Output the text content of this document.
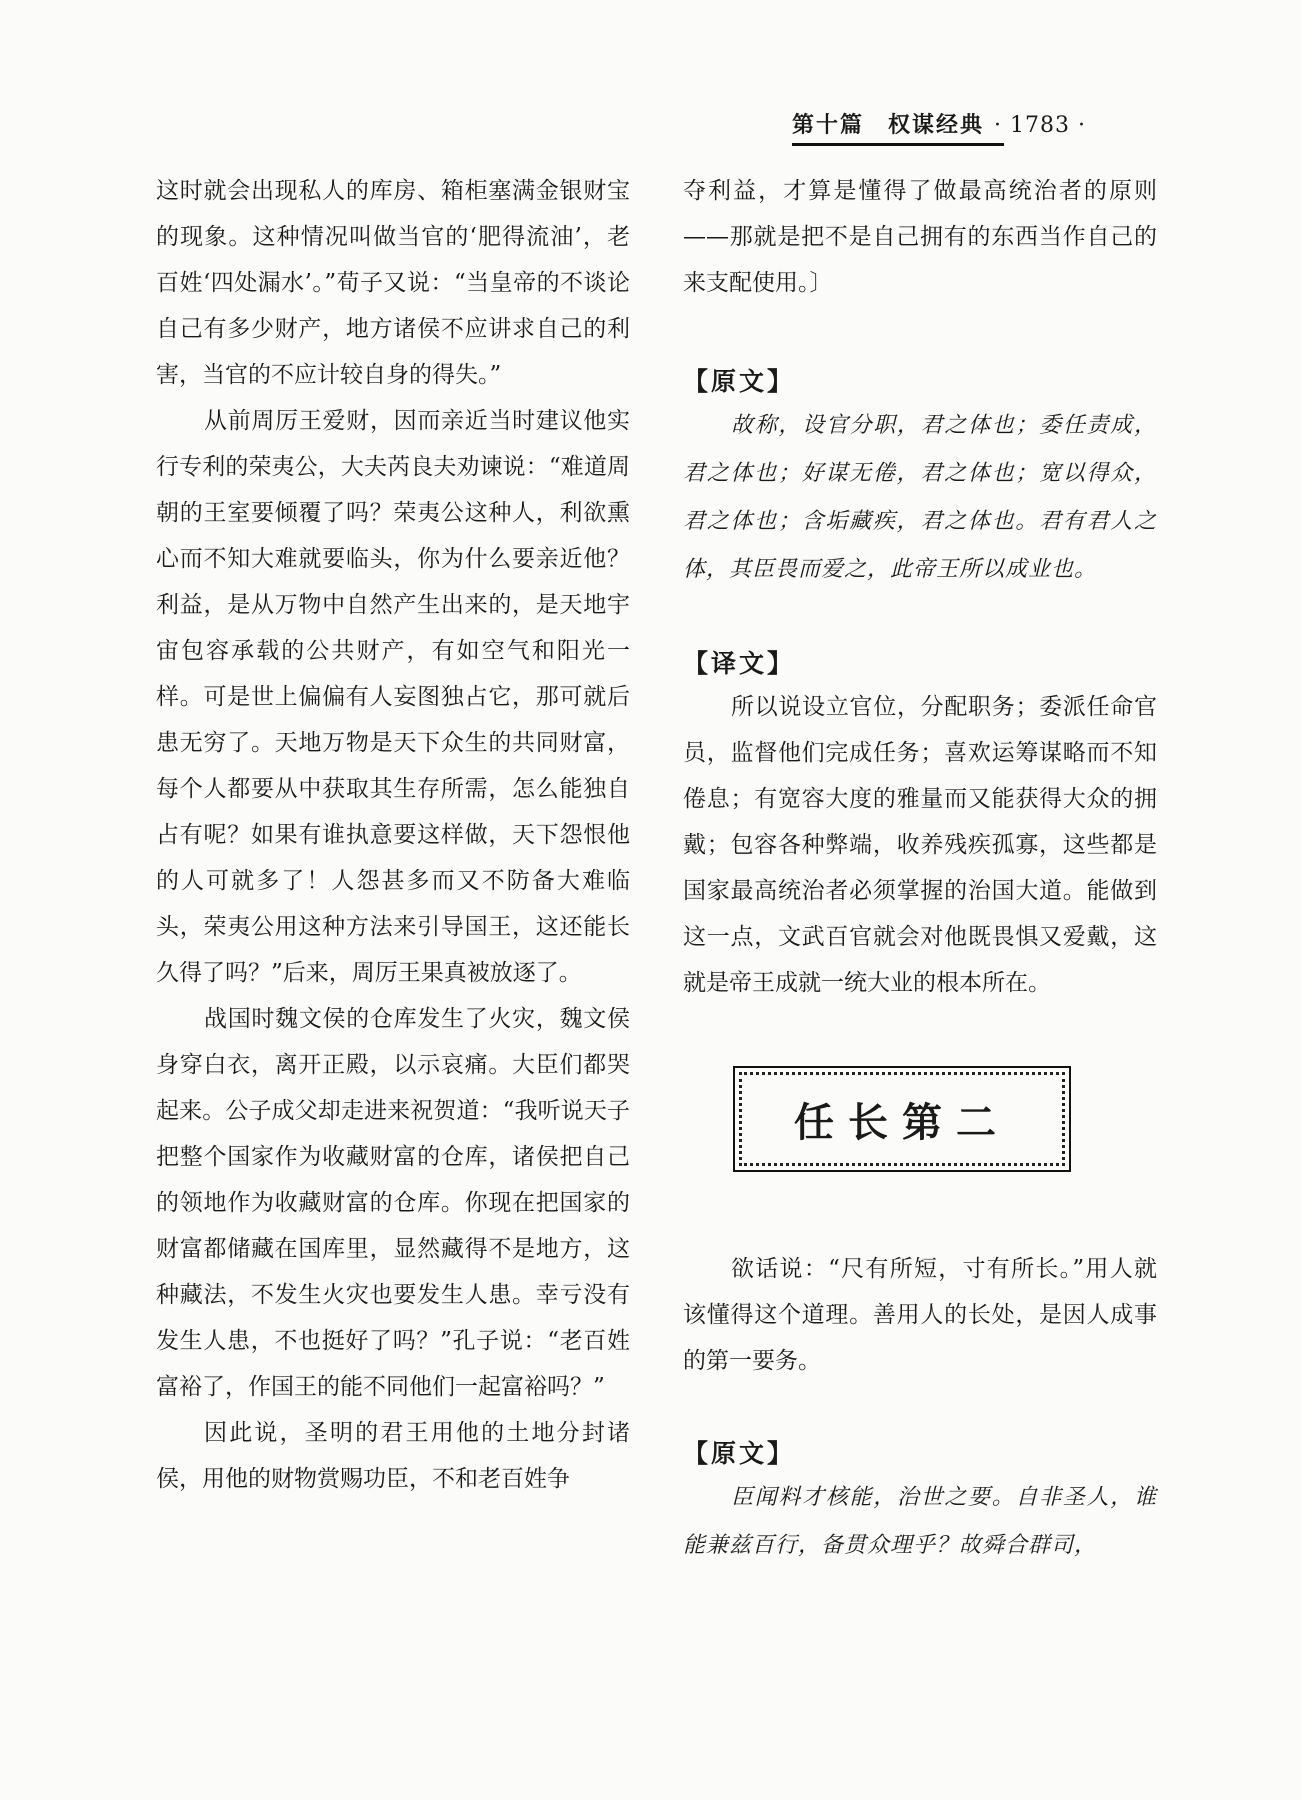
第十篇　权谋经典 · 1783 ·

这时就会出现私人的库房、箱柜塞满金银财宝的现象。这种情况叫做当官的‘肥得流油’，老百姓‘四处漏水’。”荀子又说：“当皇帝的不谈论自己有多少财产，地方诸侯不应讲求自己的利害，当官的不应计较自身的得失。”

从前周厉王爱财，因而亲近当时建议他实行专利的荣夷公，大夫芮良夫劝谏说：“难道周朝的王室要倾覆了吗？荣夷公这种人，利欲熏心而不知大难就要临头，你为什么要亲近他？利益，是从万物中自然产生出来的，是天地宇宙包容承载的公共财产，有如空气和阳光一样。可是世上偏偏有人妄图独占它，那可就后患无穷了。天地万物是天下众生的共同财富，每个人都要从中获取其生存所需，怎么能独自占有呢？如果有谁执意要这样做，天下怨恨他的人可就多了！人怨甚多而又不防备大难临头，荣夷公用这种方法来引导国王，这还能长久得了吗？”后来，周厉王果真被放逐了。

战国时魏文侯的仓库发生了火灾，魏文侯身穿白衣，离开正殿，以示哀痛。大臣们都哭起来。公子成父却走进来祝贺道：“我听说天子把整个国家作为收藏财富的仓库，诸侯把自己的领地作为收藏财富的仓库。你现在把国家的财富都储藏在国库里，显然藏得不是地方，这种藏法，不发生火灾也要发生人患。幸亏没有发生人患，不也挺好了吗？”孔子说：“老百姓富裕了，作国王的能不同他们一起富裕吗？”

因此说，圣明的君王用他的土地分封诸侯，用他的财物赏赐功臣，不和老百姓争

夺利益，才算是懂得了做最高统治者的原则——那就是把不是自己拥有的东西当作自己的来支配使用。〕

【原文】

故称，设官分职，君之体也；委任责成，君之体也；好谋无倦，君之体也；宽以得众，君之体也；含垢藏疾，君之体也。君有君人之体，其臣畏而爱之，此帝王所以成业也。

【译文】

所以说设立官位，分配职务；委派任命官员，监督他们完成任务；喜欢运筹谋略而不知倦息；有宽容大度的雅量而又能获得大众的拥戴；包容各种弊端，收养残疾孤寡，这些都是国家最高统治者必须掌握的治国大道。能做到这一点，文武百官就会对他既畏惧又爱戴，这就是帝王成就一统大业的根本所在。

任长第二

欲话说：“尺有所短，寸有所长。”用人就该懂得这个道理。善用人的长处，是因人成事的第一要务。

【原文】

臣闻料才核能，治世之要。自非圣人，谁能兼兹百行，备贯众理乎？故舜合群司，
